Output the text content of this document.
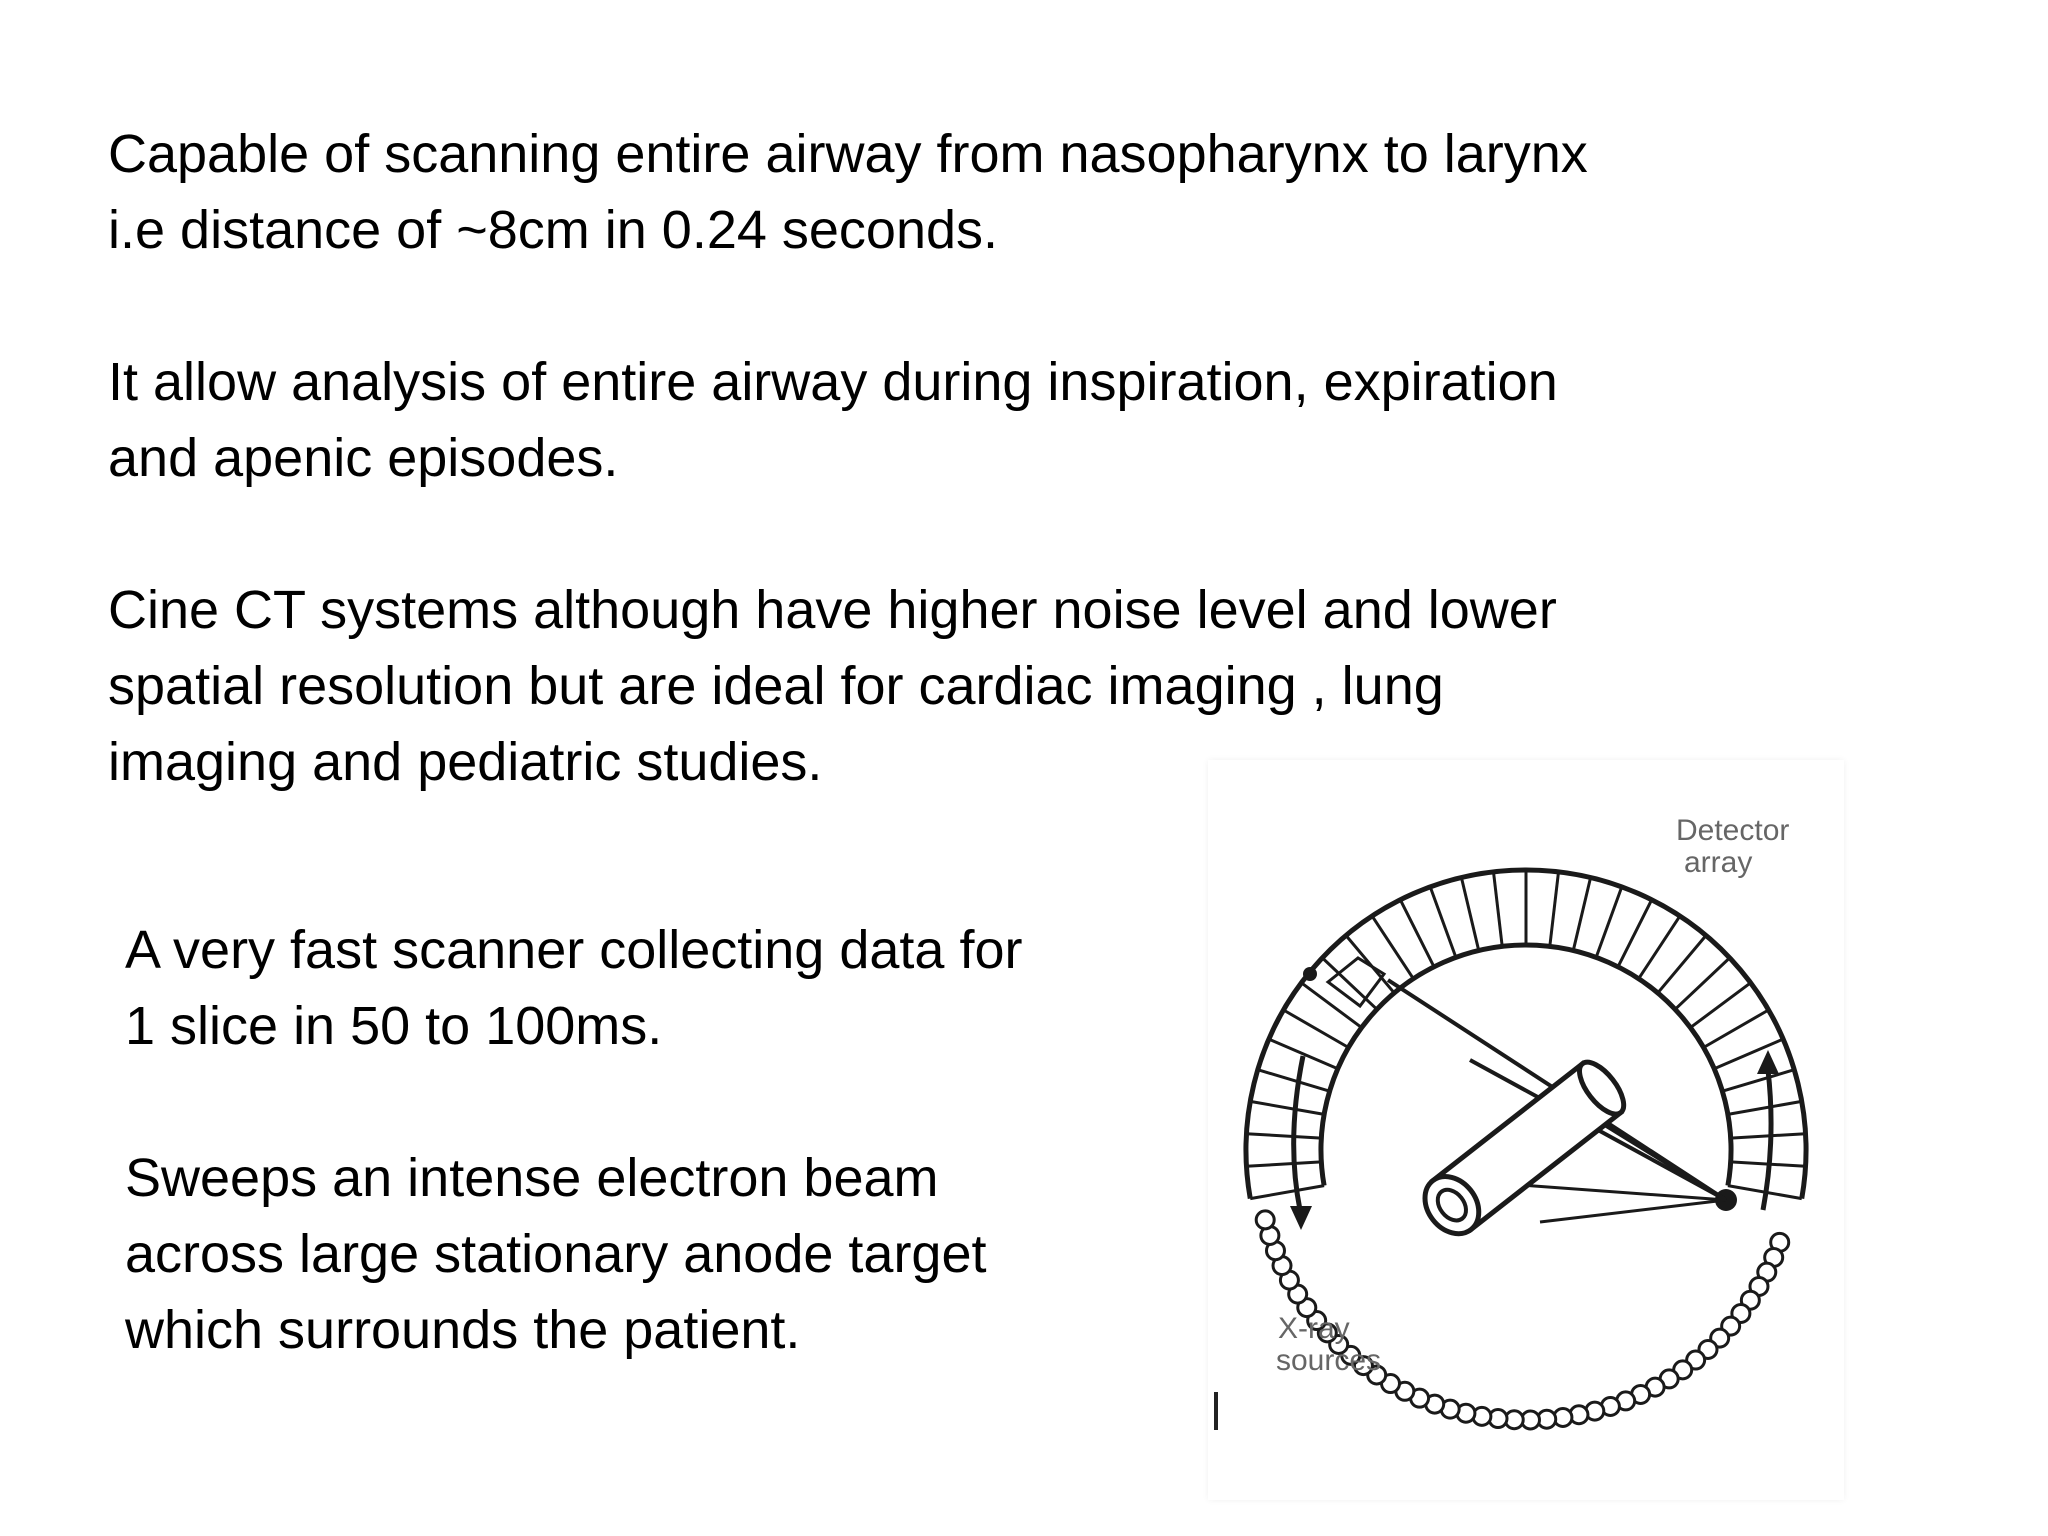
Capable of scanning entire airway from nasopharynx to larynx
i.e distance of ~8cm in 0.24 seconds.

It allow analysis of entire airway during inspiration, expiration
and apenic episodes.

Cine CT systems although have higher noise level and lower
spatial resolution but are ideal for cardiac imaging , lung
imaging and pediatric studies.

A very fast scanner collecting data for
1 slice in 50 to 100ms.

Sweeps an intense electron beam
across large stationary anode target
which surrounds the patient.

Detector
array
X-ray
sources
